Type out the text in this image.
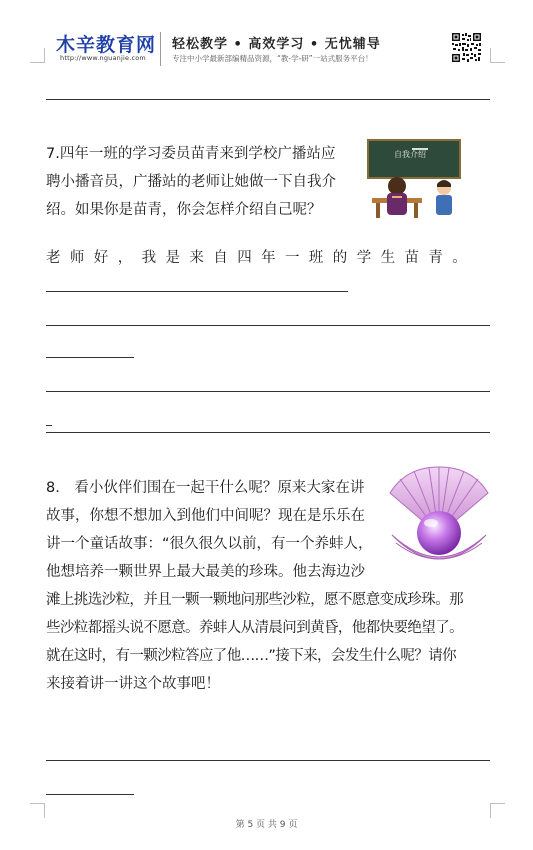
木辛教育网
http://www.nguanjie.com
轻松教学 • 高效学习 • 无忧辅导
专注中小学最新部编精品资源，“教-学-研”一站式服务平台！
自我介绍
7.四年一班的学习委员苗青来到学校广播站应
聘小播音员，广播站的老师让她做一下自我介
绍。如果你是苗青，你会怎样介绍自己呢？
老师好，我是来自四年一班的学生苗青。
8.　看小伙伴们围在一起干什么呢？原来大家在讲
故事，你想不想加入到他们中间呢？现在是乐乐在
讲一个童话故事：“很久很久以前，有一个养蚌人，
他想培养一颗世界上最大最美的珍珠。他去海边沙
滩上挑选沙粒，并且一颗一颗地问那些沙粒，愿不愿意变成珍珠。那
些沙粒都摇头说不愿意。养蚌人从清晨问到黄昏，他都快要绝望了。
就在这时，有一颗沙粒答应了他……”接下来，会发生什么呢？请你
来接着讲一讲这个故事吧！
第 5 页 共 9 页
